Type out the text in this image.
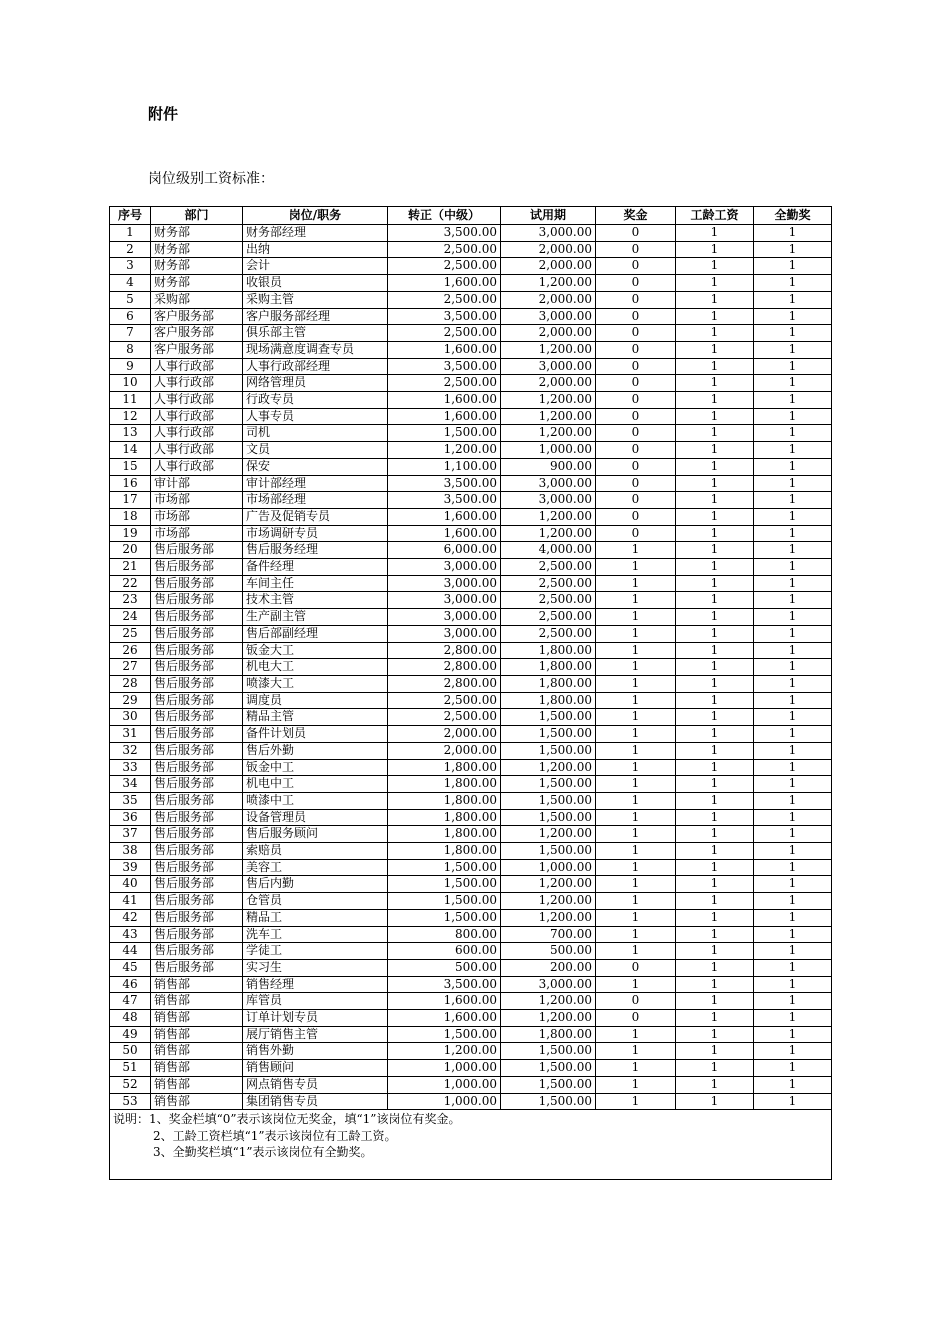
附件
岗位级别工资标准：
序号	部门	岗位/职务	转正（中级）	试用期	奖金	工龄工资	全勤奖
1	财务部	财务部经理	3,500.00	3,000.00	0	1	1
2	财务部	出纳	2,500.00	2,000.00	0	1	1
3	财务部	会计	2,500.00	2,000.00	0	1	1
4	财务部	收银员	1,600.00	1,200.00	0	1	1
5	采购部	采购主管	2,500.00	2,000.00	0	1	1
6	客户服务部	客户服务部经理	3,500.00	3,000.00	0	1	1
7	客户服务部	俱乐部主管	2,500.00	2,000.00	0	1	1
8	客户服务部	现场满意度调查专员	1,600.00	1,200.00	0	1	1
9	人事行政部	人事行政部经理	3,500.00	3,000.00	0	1	1
10	人事行政部	网络管理员	2,500.00	2,000.00	0	1	1
11	人事行政部	行政专员	1,600.00	1,200.00	0	1	1
12	人事行政部	人事专员	1,600.00	1,200.00	0	1	1
13	人事行政部	司机	1,500.00	1,200.00	0	1	1
14	人事行政部	文员	1,200.00	1,000.00	0	1	1
15	人事行政部	保安	1,100.00	900.00	0	1	1
16	审计部	审计部经理	3,500.00	3,000.00	0	1	1
17	市场部	市场部经理	3,500.00	3,000.00	0	1	1
18	市场部	广告及促销专员	1,600.00	1,200.00	0	1	1
19	市场部	市场调研专员	1,600.00	1,200.00	0	1	1
20	售后服务部	售后服务经理	6,000.00	4,000.00	1	1	1
21	售后服务部	备件经理	3,000.00	2,500.00	1	1	1
22	售后服务部	车间主任	3,000.00	2,500.00	1	1	1
23	售后服务部	技术主管	3,000.00	2,500.00	1	1	1
24	售后服务部	生产副主管	3,000.00	2,500.00	1	1	1
25	售后服务部	售后部副经理	3,000.00	2,500.00	1	1	1
26	售后服务部	钣金大工	2,800.00	1,800.00	1	1	1
27	售后服务部	机电大工	2,800.00	1,800.00	1	1	1
28	售后服务部	喷漆大工	2,800.00	1,800.00	1	1	1
29	售后服务部	调度员	2,500.00	1,800.00	1	1	1
30	售后服务部	精品主管	2,500.00	1,500.00	1	1	1
31	售后服务部	备件计划员	2,000.00	1,500.00	1	1	1
32	售后服务部	售后外勤	2,000.00	1,500.00	1	1	1
33	售后服务部	钣金中工	1,800.00	1,200.00	1	1	1
34	售后服务部	机电中工	1,800.00	1,500.00	1	1	1
35	售后服务部	喷漆中工	1,800.00	1,500.00	1	1	1
36	售后服务部	设备管理员	1,800.00	1,500.00	1	1	1
37	售后服务部	售后服务顾问	1,800.00	1,200.00	1	1	1
38	售后服务部	索赔员	1,800.00	1,500.00	1	1	1
39	售后服务部	美容工	1,500.00	1,000.00	1	1	1
40	售后服务部	售后内勤	1,500.00	1,200.00	1	1	1
41	售后服务部	仓管员	1,500.00	1,200.00	1	1	1
42	售后服务部	精品工	1,500.00	1,200.00	1	1	1
43	售后服务部	洗车工	800.00	700.00	1	1	1
44	售后服务部	学徒工	600.00	500.00	1	1	1
45	售后服务部	实习生	500.00	200.00	0	1	1
46	销售部	销售经理	3,500.00	3,000.00	1	1	1
47	销售部	库管员	1,600.00	1,200.00	0	1	1
48	销售部	订单计划专员	1,600.00	1,200.00	0	1	1
49	销售部	展厅销售主管	1,500.00	1,800.00	1	1	1
50	销售部	销售外勤	1,200.00	1,500.00	1	1	1
51	销售部	销售顾问	1,000.00	1,500.00	1	1	1
52	销售部	网点销售专员	1,000.00	1,500.00	1	1	1
53	销售部	集团销售专员	1,000.00	1,500.00	1	1	1

说明：1、奖金栏填“0”表示该岗位无奖金，填“1”该岗位有奖金。
2、工龄工资栏填“1”表示该岗位有工龄工资。
3、全勤奖栏填“1”表示该岗位有全勤奖。							
